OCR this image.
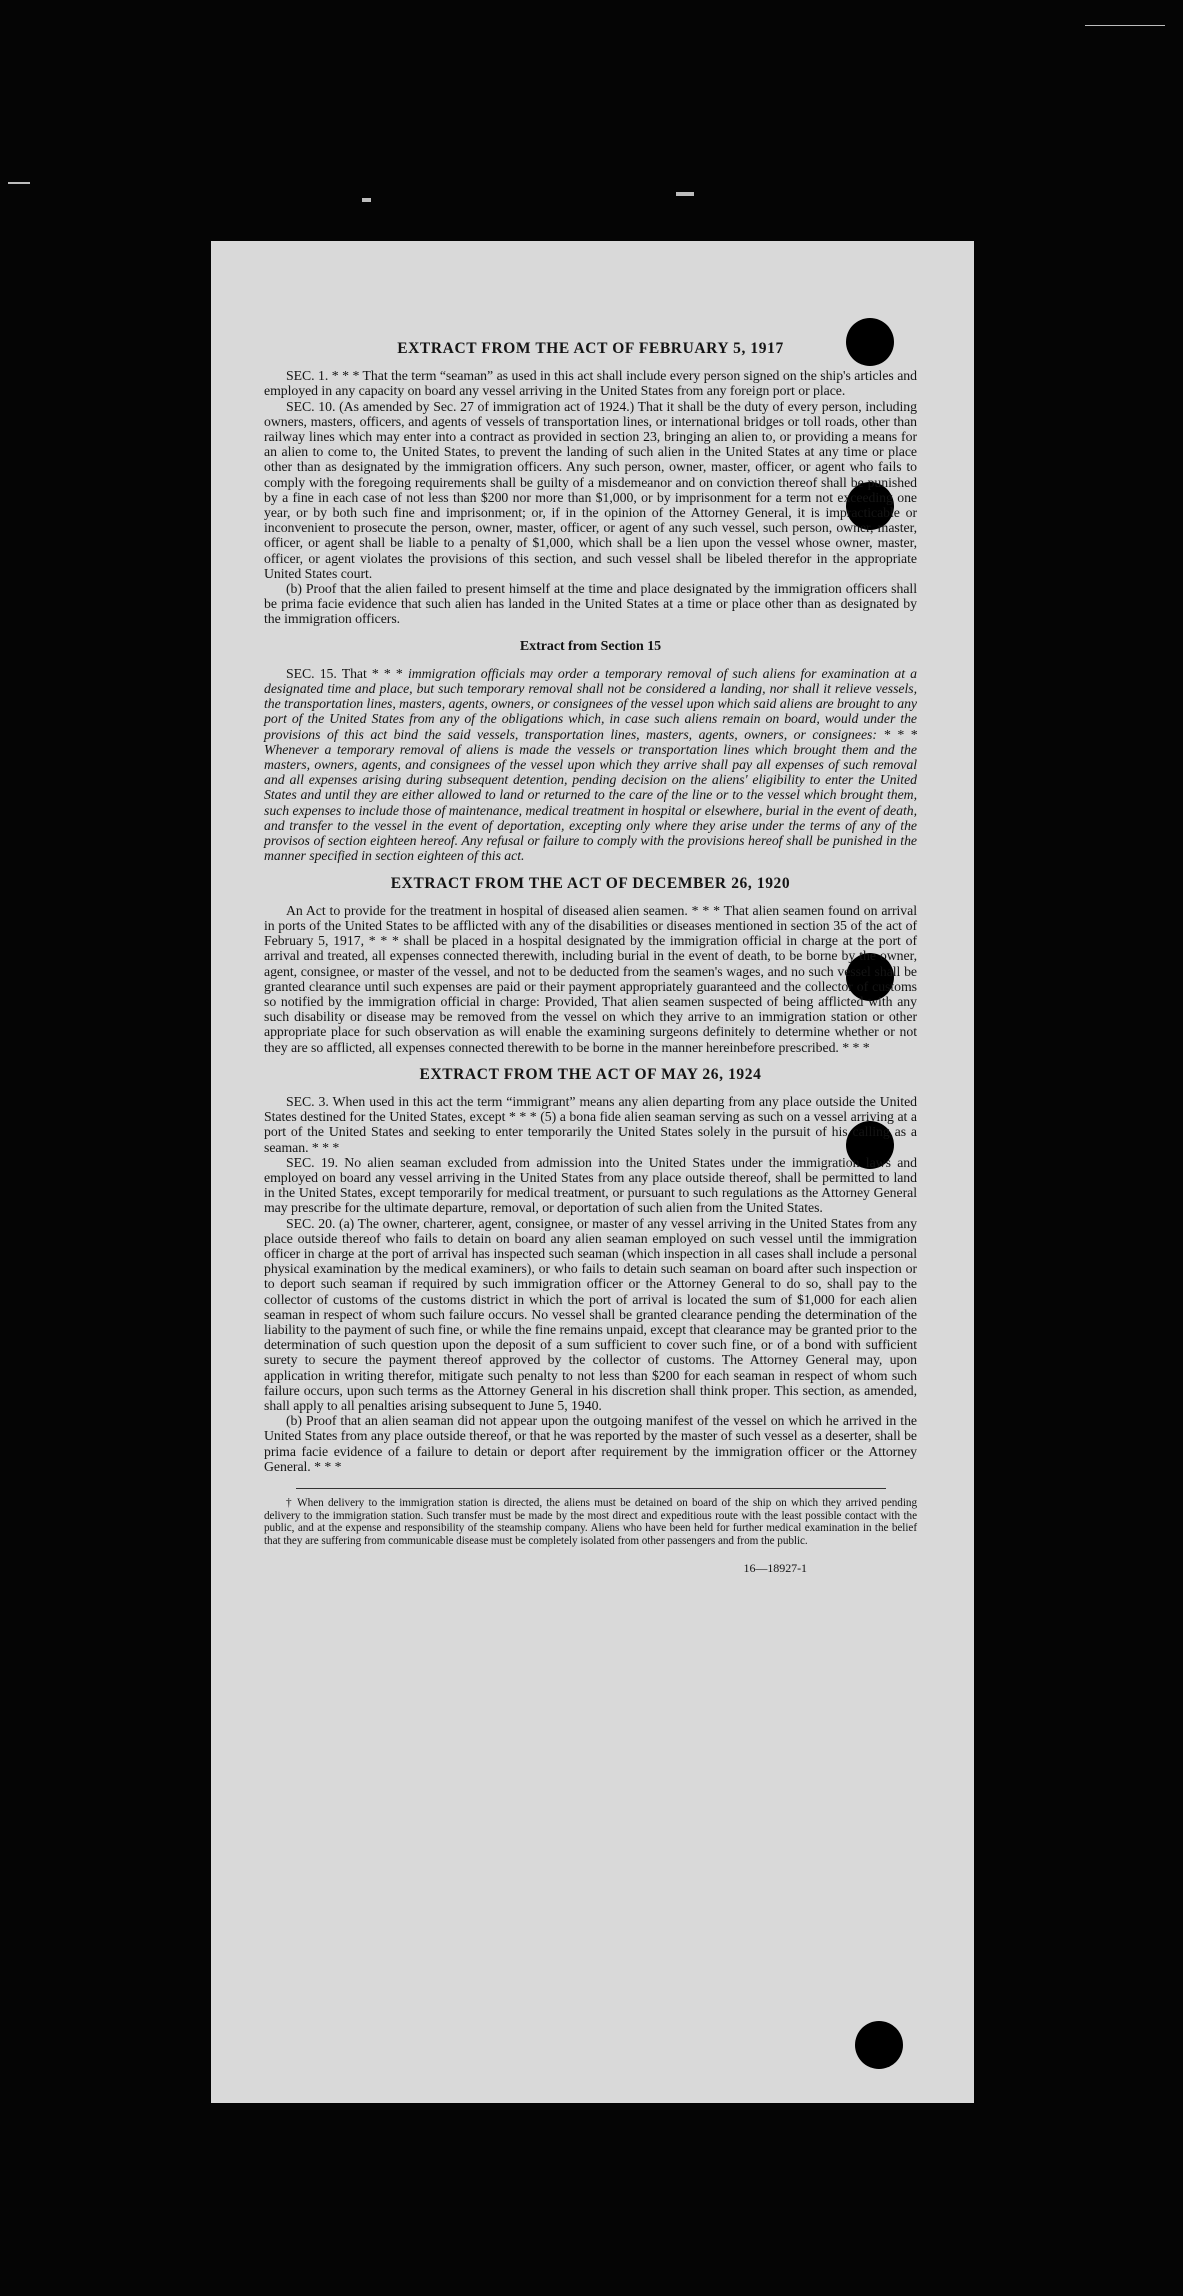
EXTRACT FROM THE ACT OF FEBRUARY 5, 1917

SEC. 1. * * * That the term “seaman” as used in this act shall include every person signed on the ship's articles and employed in any capacity on board any vessel arriving in the United States from any foreign port or place.

SEC. 10. (As amended by Sec. 27 of immigration act of 1924.) That it shall be the duty of every person, including owners, masters, officers, and agents of vessels of transportation lines, or international bridges or toll roads, other than railway lines which may enter into a contract as provided in section 23, bringing an alien to, or providing a means for an alien to come to, the United States, to prevent the landing of such alien in the United States at any time or place other than as designated by the immigration officers. Any such person, owner, master, officer, or agent who fails to comply with the foregoing requirements shall be guilty of a misdemeanor and on conviction thereof shall be punished by a fine in each case of not less than $200 nor more than $1,000, or by imprisonment for a term not exceeding one year, or by both such fine and imprisonment; or, if in the opinion of the Attorney General, it is impracticable or inconvenient to prosecute the person, owner, master, officer, or agent of any such vessel, such person, owner, master, officer, or agent shall be liable to a penalty of $1,000, which shall be a lien upon the vessel whose owner, master, officer, or agent violates the provisions of this section, and such vessel shall be libeled therefor in the appropriate United States court.

(b) Proof that the alien failed to present himself at the time and place designated by the immigration officers shall be prima facie evidence that such alien has landed in the United States at a time or place other than as designated by the immigration officers.

Extract from Section 15

SEC. 15. That * * * immigration officials may order a temporary removal of such aliens for examination at a designated time and place, but such temporary removal shall not be considered a landing, nor shall it relieve vessels, the transportation lines, masters, agents, owners, or consignees of the vessel upon which said aliens are brought to any port of the United States from any of the obligations which, in case such aliens remain on board, would under the provisions of this act bind the said vessels, transportation lines, masters, agents, owners, or consignees: * * * Whenever a temporary removal of aliens is made the vessels or transportation lines which brought them and the masters, owners, agents, and consignees of the vessel upon which they arrive shall pay all expenses of such removal and all expenses arising during subsequent detention, pending decision on the aliens' eligibility to enter the United States and until they are either allowed to land or returned to the care of the line or to the vessel which brought them, such expenses to include those of maintenance, medical treatment in hospital or elsewhere, burial in the event of death, and transfer to the vessel in the event of deportation, excepting only where they arise under the terms of any of the provisos of section eighteen hereof. Any refusal or failure to comply with the provisions hereof shall be punished in the manner specified in section eighteen of this act.

EXTRACT FROM THE ACT OF DECEMBER 26, 1920

An Act to provide for the treatment in hospital of diseased alien seamen. * * * That alien seamen found on arrival in ports of the United States to be afflicted with any of the disabilities or diseases mentioned in section 35 of the act of February 5, 1917, * * * shall be placed in a hospital designated by the immigration official in charge at the port of arrival and treated, all expenses connected therewith, including burial in the event of death, to be borne by the owner, agent, consignee, or master of the vessel, and not to be deducted from the seamen's wages, and no such vessel shall be granted clearance until such expenses are paid or their payment appropriately guaranteed and the collector of customs so notified by the immigration official in charge: Provided, That alien seamen suspected of being afflicted with any such disability or disease may be removed from the vessel on which they arrive to an immigration station or other appropriate place for such observation as will enable the examining surgeons definitely to determine whether or not they are so afflicted, all expenses connected therewith to be borne in the manner hereinbefore prescribed. * * *

EXTRACT FROM THE ACT OF MAY 26, 1924

SEC. 3. When used in this act the term “immigrant” means any alien departing from any place outside the United States destined for the United States, except * * * (5) a bona fide alien seaman serving as such on a vessel arriving at a port of the United States and seeking to enter temporarily the United States solely in the pursuit of his calling as a seaman. * * *

SEC. 19. No alien seaman excluded from admission into the United States under the immigration laws and employed on board any vessel arriving in the United States from any place outside thereof, shall be permitted to land in the United States, except temporarily for medical treatment, or pursuant to such regulations as the Attorney General may prescribe for the ultimate departure, removal, or deportation of such alien from the United States.

SEC. 20. (a) The owner, charterer, agent, consignee, or master of any vessel arriving in the United States from any place outside thereof who fails to detain on board any alien seaman employed on such vessel until the immigration officer in charge at the port of arrival has inspected such seaman (which inspection in all cases shall include a personal physical examination by the medical examiners), or who fails to detain such seaman on board after such inspection or to deport such seaman if required by such immigration officer or the Attorney General to do so, shall pay to the collector of customs of the customs district in which the port of arrival is located the sum of $1,000 for each alien seaman in respect of whom such failure occurs. No vessel shall be granted clearance pending the determination of the liability to the payment of such fine, or while the fine remains unpaid, except that clearance may be granted prior to the determination of such question upon the deposit of a sum sufficient to cover such fine, or of a bond with sufficient surety to secure the payment thereof approved by the collector of customs. The Attorney General may, upon application in writing therefor, mitigate such penalty to not less than $200 for each seaman in respect of whom such failure occurs, upon such terms as the Attorney General in his discretion shall think proper. This section, as amended, shall apply to all penalties arising subsequent to June 5, 1940.

(b) Proof that an alien seaman did not appear upon the outgoing manifest of the vessel on which he arrived in the United States from any place outside thereof, or that he was reported by the master of such vessel as a deserter, shall be prima facie evidence of a failure to detain or deport after requirement by the immigration officer or the Attorney General. * * *

† When delivery to the immigration station is directed, the aliens must be detained on board of the ship on which they arrived pending delivery to the immigration station. Such transfer must be made by the most direct and expeditious route with the least possible contact with the public, and at the expense and responsibility of the steamship company. Aliens who have been held for further medical examination in the belief that they are suffering from communicable disease must be completely isolated from other passengers and from the public.

16—18927-1
